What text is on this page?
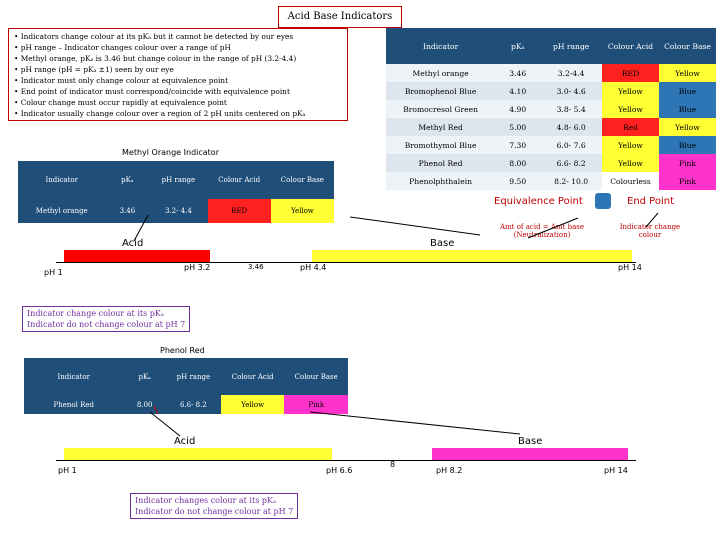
Acid Base Indicators
• Indicators change colour at its pKₐ but it cannot be detected by our eyes
• pH range – Indicator changes colour over a range of pH
• Methyl orange, pKₐ is 3.46 but change colour in the range of pH (3.2-4.4)
• pH range (pH = pKₐ ±1) seen by our eye
• Indicator must only change colour at equivalence point
• End point of indicator must correspond/coincide with equivalence point
• Colour change must occur rapidly at equivalence point
• Indicator usually change colour over a region of 2 pH units centered on pKₐ
Indicator	pKₐ	pH range	Colour Acid	Colour Base
Methyl orange	3.46	3.2-4.4	RED	Yellow
Bromophenol Blue	4.10	3.0- 4.6	Yellow	Blue
Bromocresol Green	4.90	3.8- 5.4	Yellow	Blue
Methyl Red	5.00	4.8- 6.0	Red	Yellow
Bromothymol Blue	7.30	6.0- 7.6	Yellow	Blue
Phenol Red	8.00	6.6- 8.2	Yellow	Pink
Phenolphthalein	9.50	8.2- 10.0	Colourless	Pink
Equivalence Point	End Point
Amt of acid = Amt base (Neutralization)
Indicator change colour
Methyl Orange Indicator
Indicator	pKₐ	pH range	Colour Acid	Colour Base
Methyl orange	3.46	3.2- 4.4	RED	Yellow
Acid	Base
pH 1
pH 3.2	3.46	pH 4.4	pH 14
Indicator change colour at its pKₐ
Indicator do not change colour at pH 7
Phenol Red
Indicator	pKₐ	pH range	Colour Acid	Colour Base
Phenol Red	8.00	6.6- 8.2	Yellow	Pink
Acid	Base
pH 1	pH 6.6
8
pH 8.2	pH 14
Indicator changes colour at its pKₐ
Indicator do not change colour at pH 7
